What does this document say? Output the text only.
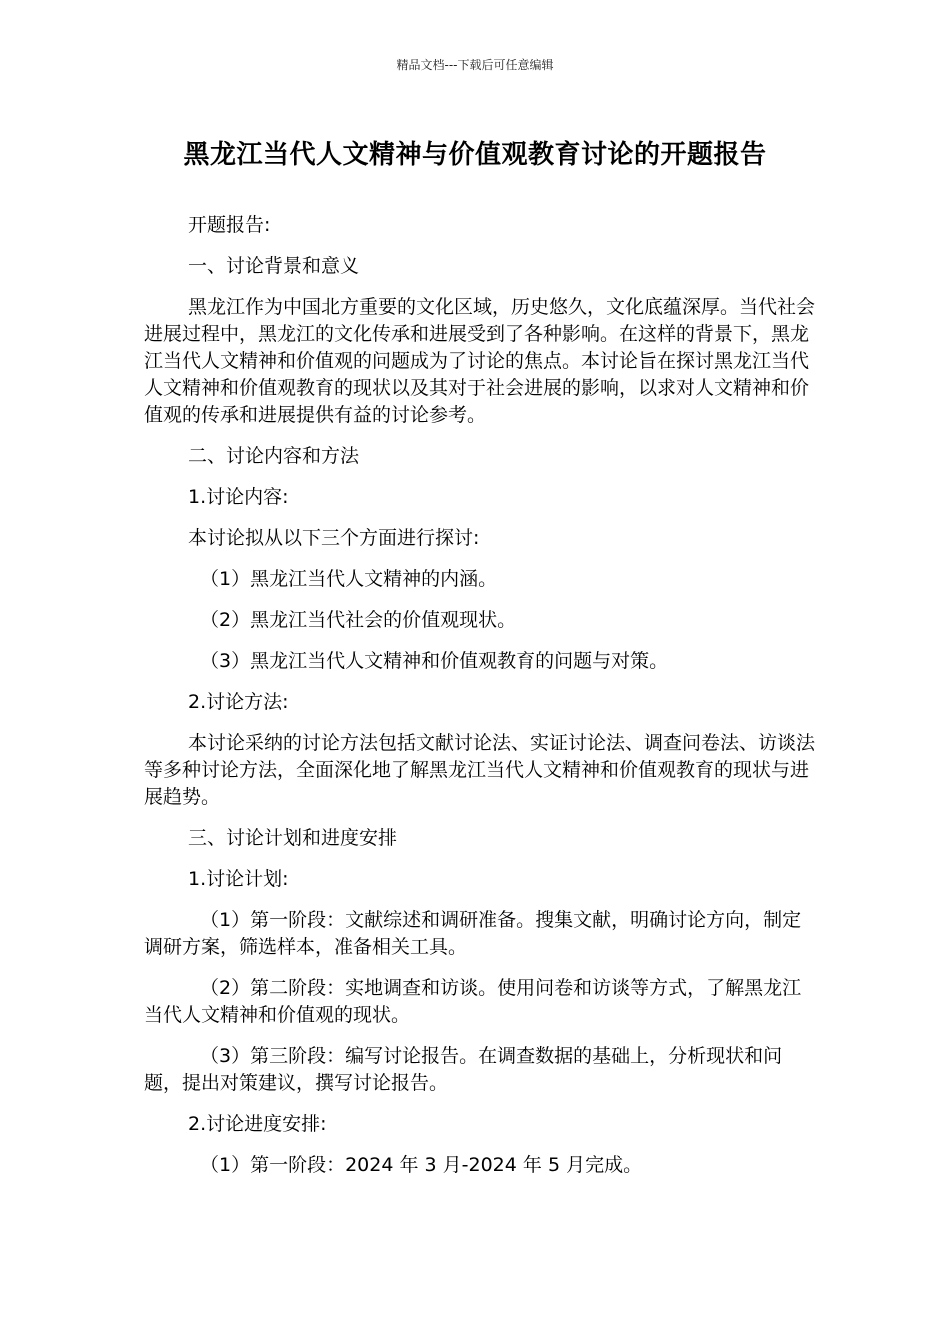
精品文档---下载后可任意编辑
黑龙江当代人文精神与价值观教育讨论的开题报告

开题报告:

一、讨论背景和意义

黑龙江作为中国北方重要的文化区域，历史悠久，文化底蕴深厚。当代社会进展过程中，黑龙江的文化传承和进展受到了各种影响。在这样的背景下，黑龙江当代人文精神和价值观的问题成为了讨论的焦点。本讨论旨在探讨黑龙江当代人文精神和价值观教育的现状以及其对于社会进展的影响，以求对人文精神和价值观的传承和进展提供有益的讨论参考。

二、讨论内容和方法

1.讨论内容:

本讨论拟从以下三个方面进行探讨:

（1）黑龙江当代人文精神的内涵。

（2）黑龙江当代社会的价值观现状。

（3）黑龙江当代人文精神和价值观教育的问题与对策。

2.讨论方法:

本讨论采纳的讨论方法包括文献讨论法、实证讨论法、调查问卷法、访谈法等多种讨论方法，全面深化地了解黑龙江当代人文精神和价值观教育的现状与进展趋势。

三、讨论计划和进度安排

1.讨论计划:

（1）第一阶段：文献综述和调研准备。搜集文献，明确讨论方向，制定调研方案，筛选样本，准备相关工具。

（2）第二阶段：实地调查和访谈。使用问卷和访谈等方式，了解黑龙江当代人文精神和价值观的现状。

（3）第三阶段：编写讨论报告。在调查数据的基础上，分析现状和问题，提出对策建议，撰写讨论报告。

2.讨论进度安排:

（1）第一阶段：2024 年 3 月-2024 年 5 月完成。
